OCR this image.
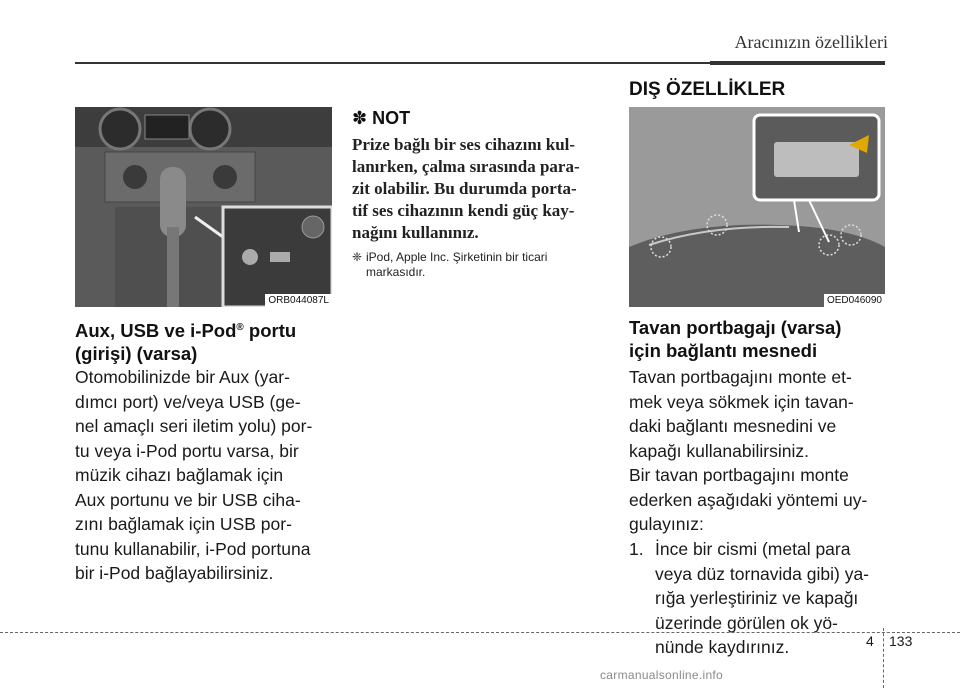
Aracınızın özellikleri
ORB044087L
Aux, USB ve i-Pod® portu
(girişi) (varsa)
Otomobilinizde bir Aux (yar-
dımcı port) ve/veya USB (ge-
nel amaçlı seri iletim yolu) por-
tu veya i-Pod portu varsa, bir
müzik cihazı bağlamak için
Aux portunu ve bir USB ciha-
zını bağlamak için USB por-
tunu kullanabilir, i-Pod portuna
bir i-Pod bağlayabilirsiniz.
✽ NOT
Prize bağlı bir ses cihazını kul-
lanırken, çalma sırasında para-
zit olabilir. Bu durumda porta-
tif ses cihazının kendi güç kay-
nağını kullanınız.
❈ iPod, Apple Inc. Şirketinin bir ticari
markasıdır.
DIŞ ÖZELLİKLER
OED046090
Tavan portbagajı (varsa)
için bağlantı mesnedi
Tavan portbagajını monte et-
mek veya sökmek için tavan-
daki bağlantı mesnedini ve
kapağı kullanabilirsiniz.
Bir tavan portbagajını monte
ederken aşağıdaki yöntemi uy-
gulayınız:
1. İnce bir cismi (metal para
veya düz tornavida gibi) ya-
rığa yerleştiriniz ve kapağı
üzerinde görülen ok yö-
nünde kaydırınız.	4 133
carmanualsonline.info
